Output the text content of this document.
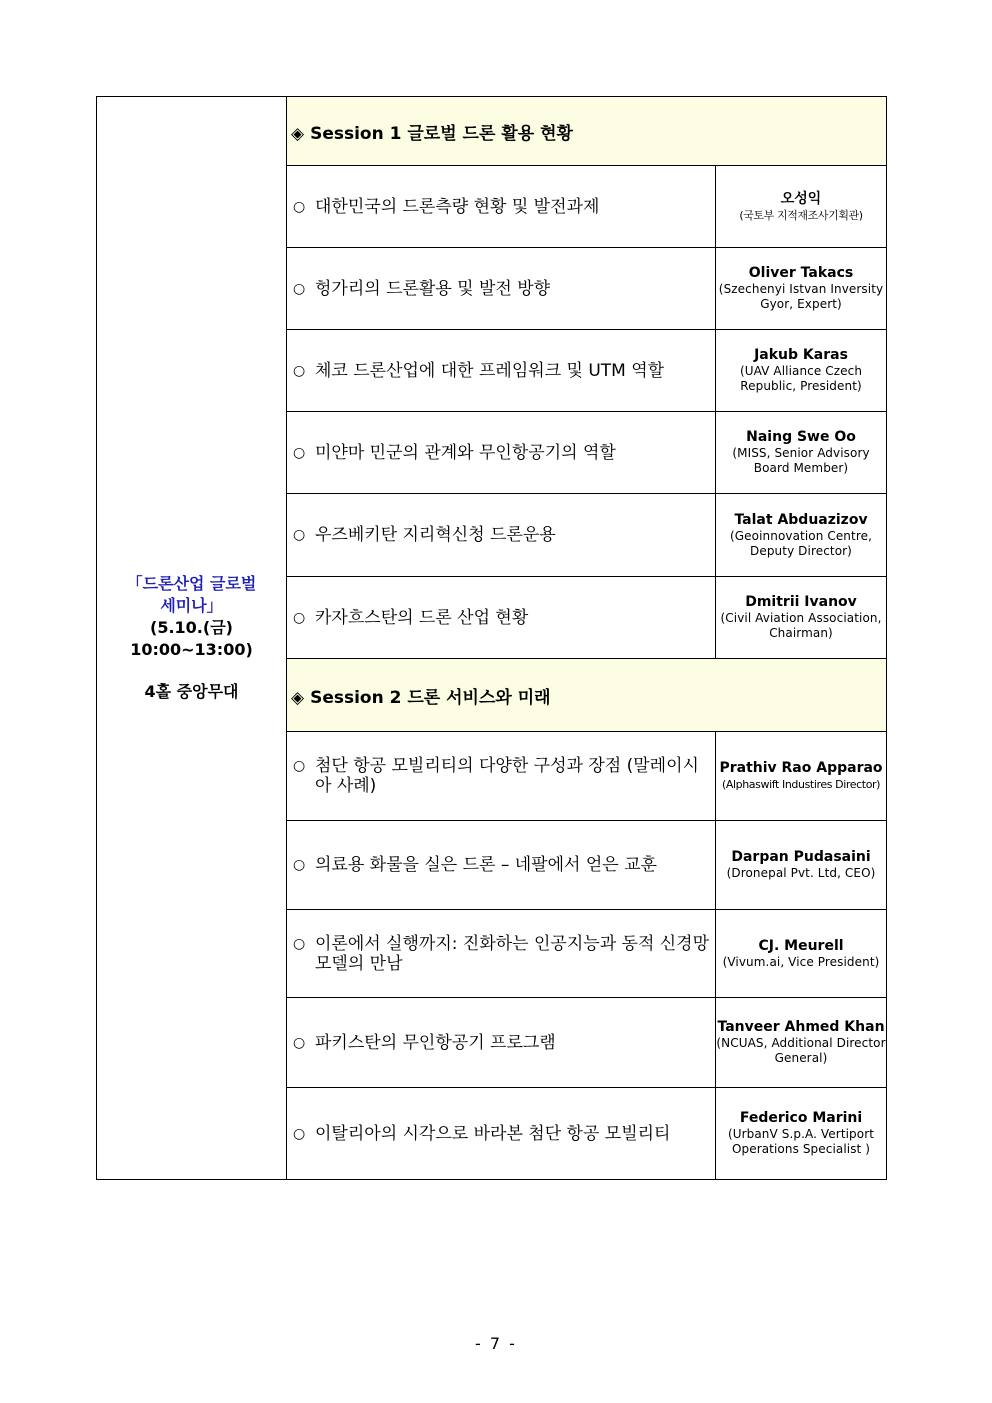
「드론산업 글로벌
세미나」
(5.10.(금) 10:00~13:00)

4홀 중앙무대	◈ Session 1 글로벌 드론 활용 현황	

	○ 대한민국의 드론측량 현황 및 발전과제	오성익
(국토부 지적재조사기획관)

	○ 헝가리의 드론활용 및 발전 방향	Oliver Takacs
(Szechenyi Istvan Inversity Gyor, Expert)

	○ 체코 드론산업에 대한 프레임워크 및 UTM 역할	Jakub Karas
(UAV Alliance Czech Republic, President)

	○ 미얀마 민군의 관계와 무인항공기의 역할	Naing Swe Oo
(MISS, Senior Advisory Board Member)

	○ 우즈베키탄 지리혁신청 드론운용	Talat Abduazizov
(Geoinnovation Centre, Deputy Director)

	○ 카자흐스탄의 드론 산업 현황	Dmitrii Ivanov
(Civil Aviation Association, Chairman)

	◈ Session 2 드론 서비스와 미래	

	○ 첨단 항공 모빌리티의 다양한 구성과 장점 (말레이시아 사례)	Prathiv Rao Apparao
(Alphaswift Industires Director)

	○ 의료용 화물을 실은 드론 – 네팔에서 얻은 교훈	Darpan Pudasaini
(Dronepal Pvt. Ltd, CEO)

	○ 이론에서 실행까지: 진화하는 인공지능과 동적 신경망 모델의 만남	CJ. Meurell
(Vivum.ai, Vice President)

	○ 파키스탄의 무인항공기 프로그램	Tanveer Ahmed Khan
(NCUAS, Additional Director General)

	○ 이탈리아의 시각으로 바라본 첨단 항공 모빌리티	Federico Marini
(UrbanV S.p.A. Vertiport Operations Specialist )
- 7 -
